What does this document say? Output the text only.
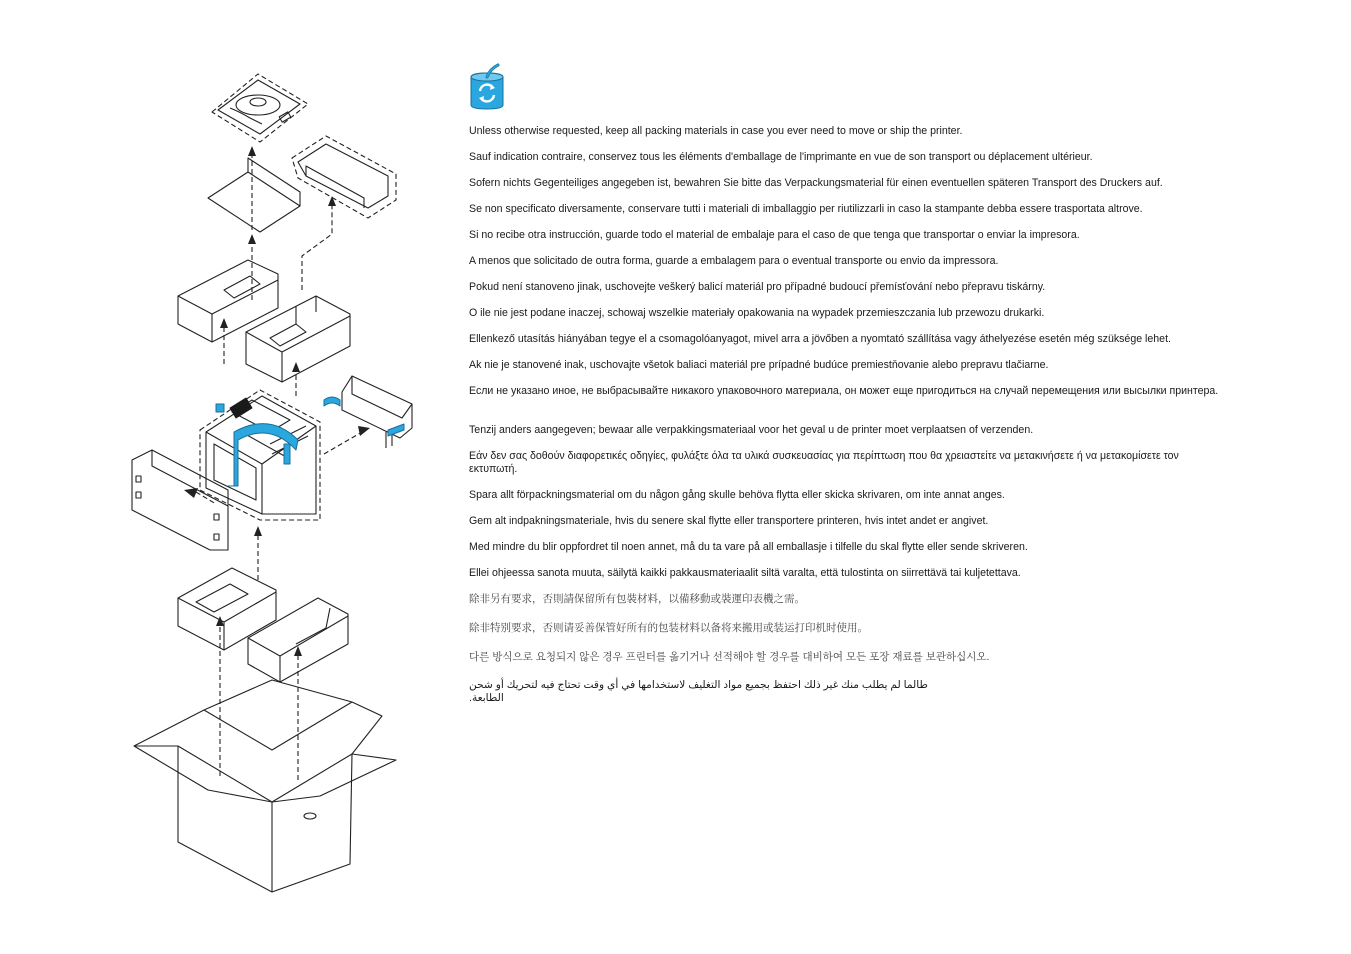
Unless otherwise requested, keep all packing materials in case you ever need to move or ship the printer.

Sauf indication contraire, conservez tous les éléments d'emballage de l'imprimante en vue de son transport ou déplacement ultérieur.

Sofern nichts Gegenteiliges angegeben ist, bewahren Sie bitte das Verpackungsmaterial für einen eventuellen späteren Transport des Druckers auf.

Se non specificato diversamente, conservare tutti i materiali di imballaggio per riutilizzarli in caso la stampante debba essere trasportata altrove.

Si no recibe otra instrucción, guarde todo el material de embalaje para el caso de que tenga que transportar o enviar la impresora.

A menos que solicitado de outra forma, guarde a embalagem para o eventual transporte ou envio da impressora.

Pokud není stanoveno jinak, uschovejte veškerý balicí materiál pro případné budoucí přemísťování nebo přepravu tiskárny.

O ile nie jest podane inaczej, schowaj wszelkie materiały opakowania na wypadek przemieszczania lub przewozu drukarki.

Ellenkező utasítás hiányában tegye el a csomagolóanyagot, mivel arra a jövőben a nyomtató szállítása vagy áthelyezése esetén még szüksége lehet.

Ak nie je stanovené inak, uschovajte všetok baliaci materiál pre prípadné budúce premiestňovanie alebo prepravu tlačiarne.

Если не указано иное, не выбрасывайте никакого упаковочного материала, он может еще пригодиться на случай перемещения или высылки принтера.

Tenzij anders aangegeven; bewaar alle verpakkingsmateriaal voor het geval u de printer moet verplaatsen of verzenden.

Εάν δεν σας δοθούν διαφορετικές οδηγίες, φυλάξτε όλα τα υλικά συσκευασίας για περίπτωση που θα χρειαστείτε να μετακινήσετε ή να μετακομίσετε τον εκτυπωτή.

Spara allt förpackningsmaterial om du någon gång skulle behöva flytta eller skicka skrivaren, om inte annat anges.

Gem alt indpakningsmateriale, hvis du senere skal flytte eller transportere printeren, hvis intet andet er angivet.

Med mindre du blir oppfordret til noen annet, må du ta vare på all emballasje i tilfelle du skal flytte eller sende skriveren.

Ellei ohjeessa sanota muuta, säilytä kaikki pakkausmateriaalit siltä varalta, että tulostinta on siirrettävä tai kuljetettava.

除非另有要求，否則請保留所有包裝材料，以備移動或裝運印表機之需。

除非特别要求，否则请妥善保管好所有的包装材料以备将来搬用或装运打印机时使用。

다른 방식으로 요청되지 않은 경우 프린터를 옮기거나 선적해야 할 경우를 대비하여 모든 포장 재료를 보관하십시오.

طالما لم يطلب منك غير ذلك احتفظ بجميع مواد التغليف لاستخدامها في أي وقت تحتاج فيه لتحريك أو شحن الطابعة.
